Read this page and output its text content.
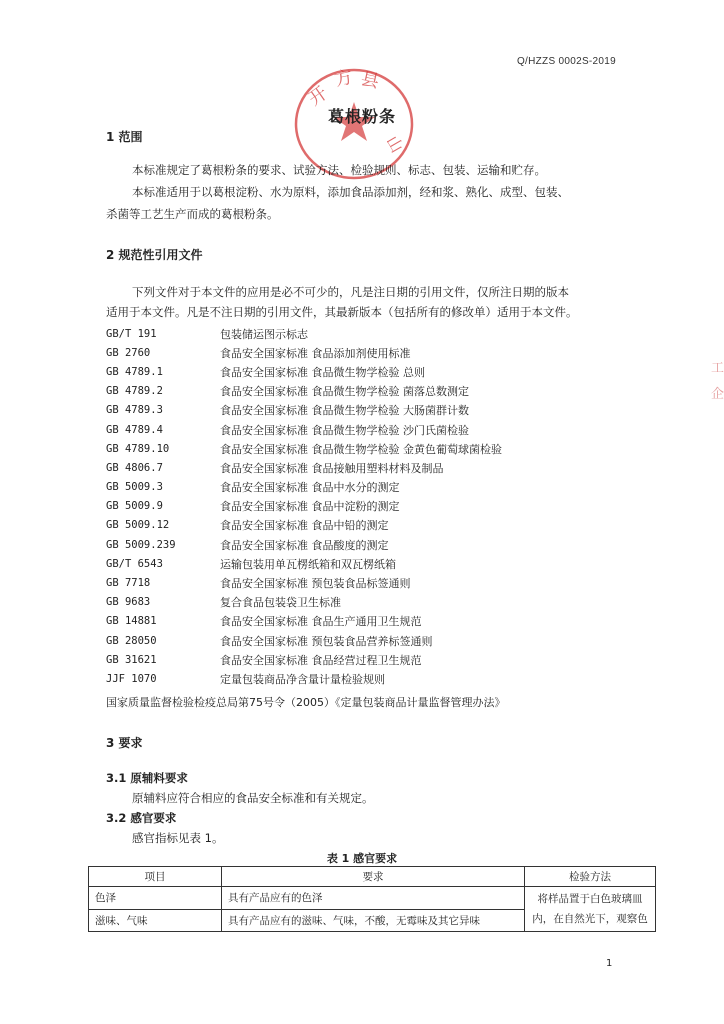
Q/HZZS 0002S-2019
开
方 县
山
葛根粉条
1 范围
本标准规定了葛根粉条的要求、试验方法、检验规则、标志、包装、运输和贮存。
本标准适用于以葛根淀粉、水为原料，添加食品添加剂，经和浆、熟化、成型、包装、
杀菌等工艺生产而成的葛根粉条。
2 规范性引用文件
下列文件对于本文件的应用是必不可少的，凡是注日期的引用文件，仅所注日期的版本
适用于本文件。凡是不注日期的引用文件，其最新版本（包括所有的修改单）适用于本文件。
GB/T 191	包装储运图示标志
GB 2760	食品安全国家标准 食品添加剂使用标准
GB 4789.1	食品安全国家标准 食品微生物学检验 总则
GB 4789.2	食品安全国家标准 食品微生物学检验 菌落总数测定
GB 4789.3	食品安全国家标准 食品微生物学检验 大肠菌群计数
GB 4789.4	食品安全国家标准 食品微生物学检验 沙门氏菌检验
GB 4789.10	食品安全国家标准 食品微生物学检验 金黄色葡萄球菌检验
GB 4806.7	食品安全国家标准 食品接触用塑料材料及制品
GB 5009.3	食品安全国家标准 食品中水分的测定
GB 5009.9	食品安全国家标准 食品中淀粉的测定
GB 5009.12	食品安全国家标准 食品中铅的测定
GB 5009.239	食品安全国家标准 食品酸度的测定
GB/T 6543	运输包装用单瓦楞纸箱和双瓦楞纸箱
GB 7718	食品安全国家标准 预包装食品标签通则
GB 9683	复合食品包装袋卫生标准
GB 14881	食品安全国家标准 食品生产通用卫生规范
GB 28050	食品安全国家标准 预包装食品营养标签通则
GB 31621	食品安全国家标准 食品经营过程卫生规范
JJF 1070	定量包装商品净含量计量检验规则
国家质量监督检验检疫总局第75号令（2005）《定量包装商品计量监督管理办法》
3 要求
3.1 原辅料要求
原辅料应符合相应的食品安全标准和有关规定。
3.2 感官要求
感官指标见表 1。
表 1 感官要求
项目	要求	检验方法
色泽	具有产品应有的色泽	将样品置于白色玻璃皿
内，在自然光下，观察色
滋味、气味	具有产品应有的滋味、气味，不酸，无霉味及其它异味	
1
工
企
